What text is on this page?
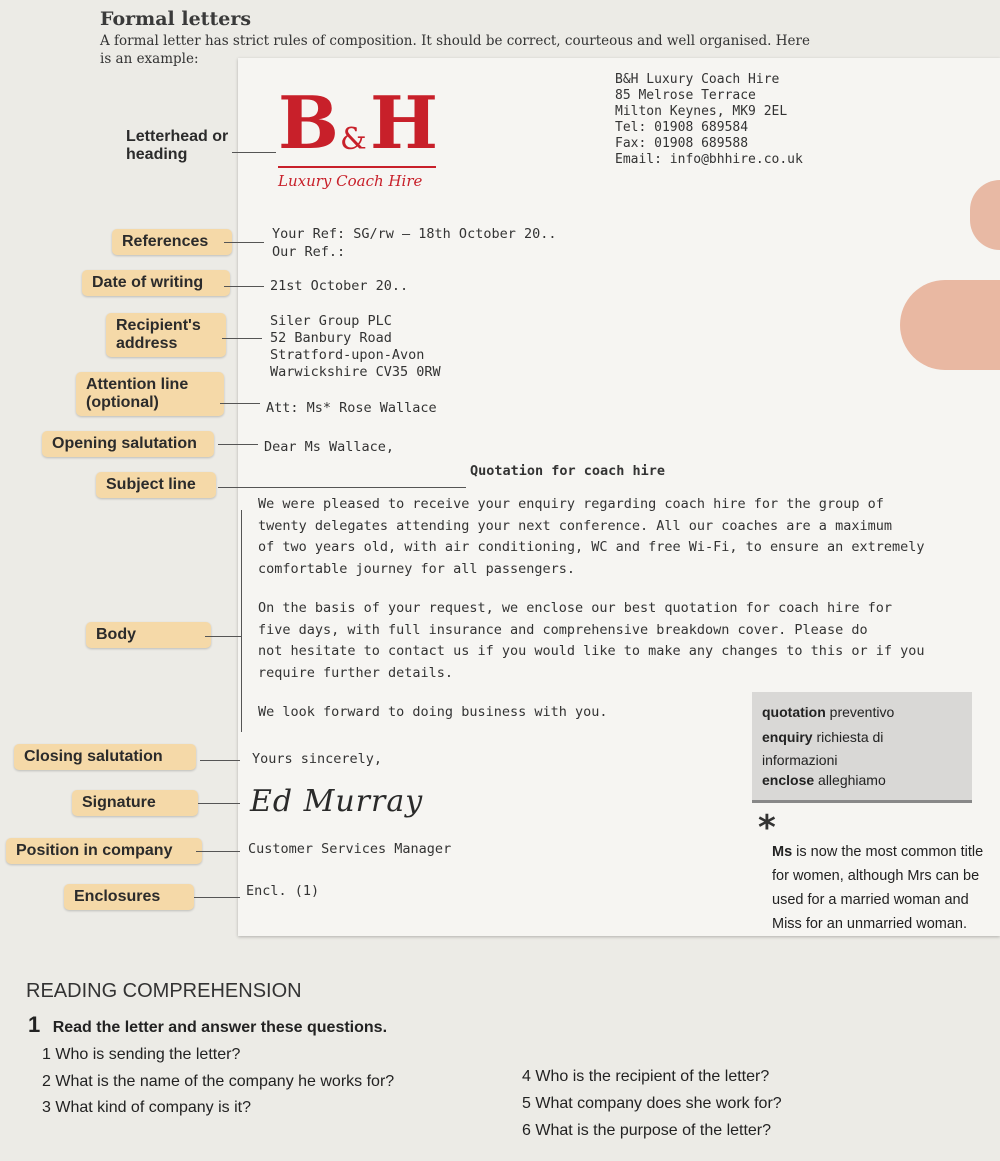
Formal letters
A formal letter has strict rules of composition. It should be correct, courteous and well organised. Here is an example:
B & H
Luxury Coach Hire
B&H Luxury Coach Hire
85 Melrose Terrace
Milton Keynes, MK9 2EL
Tel: 01908 689584
Fax: 01908 689588
Email: info@bhhire.co.uk
Letterhead or heading
References
Date of writing
Recipient's address
Attention line (optional)
Opening salutation
Subject line
Body
Closing salutation
Signature
Position in company
Enclosures
Your Ref: SG/rw – 18th October 20..
Our Ref.:
21st October 20..
Siler Group PLC
52 Banbury Road
Stratford-upon-Avon
Warwickshire CV35 0RW
Att: Ms* Rose Wallace
Dear Ms Wallace,
Quotation for coach hire
We were pleased to receive your enquiry regarding coach hire for the group of
twenty delegates attending your next conference. All our coaches are a maximum
of two years old, with air conditioning, WC and free Wi-Fi, to ensure an extremely
comfortable journey for all passengers.
On the basis of your request, we enclose our best quotation for coach hire for
five days, with full insurance and comprehensive breakdown cover. Please do
not hesitate to contact us if you would like to make any changes to this or if you
require further details.
We look forward to doing business with you.
Yours sincerely,
Ed Murray
Customer Services Manager
Encl. (1)
quotation preventivo
enquiry richiesta di informazioni
enclose alleghiamo
*
Ms is now the most common title for women, although Mrs can be used for a married woman and Miss for an unmarried woman.
READING COMPREHENSION
1 Read the letter and answer these questions.
1 Who is sending the letter?
2 What is the name of the company he works for?
3 What kind of company is it?
4 Who is the recipient of the letter?
5 What company does she work for?
6 What is the purpose of the letter?
